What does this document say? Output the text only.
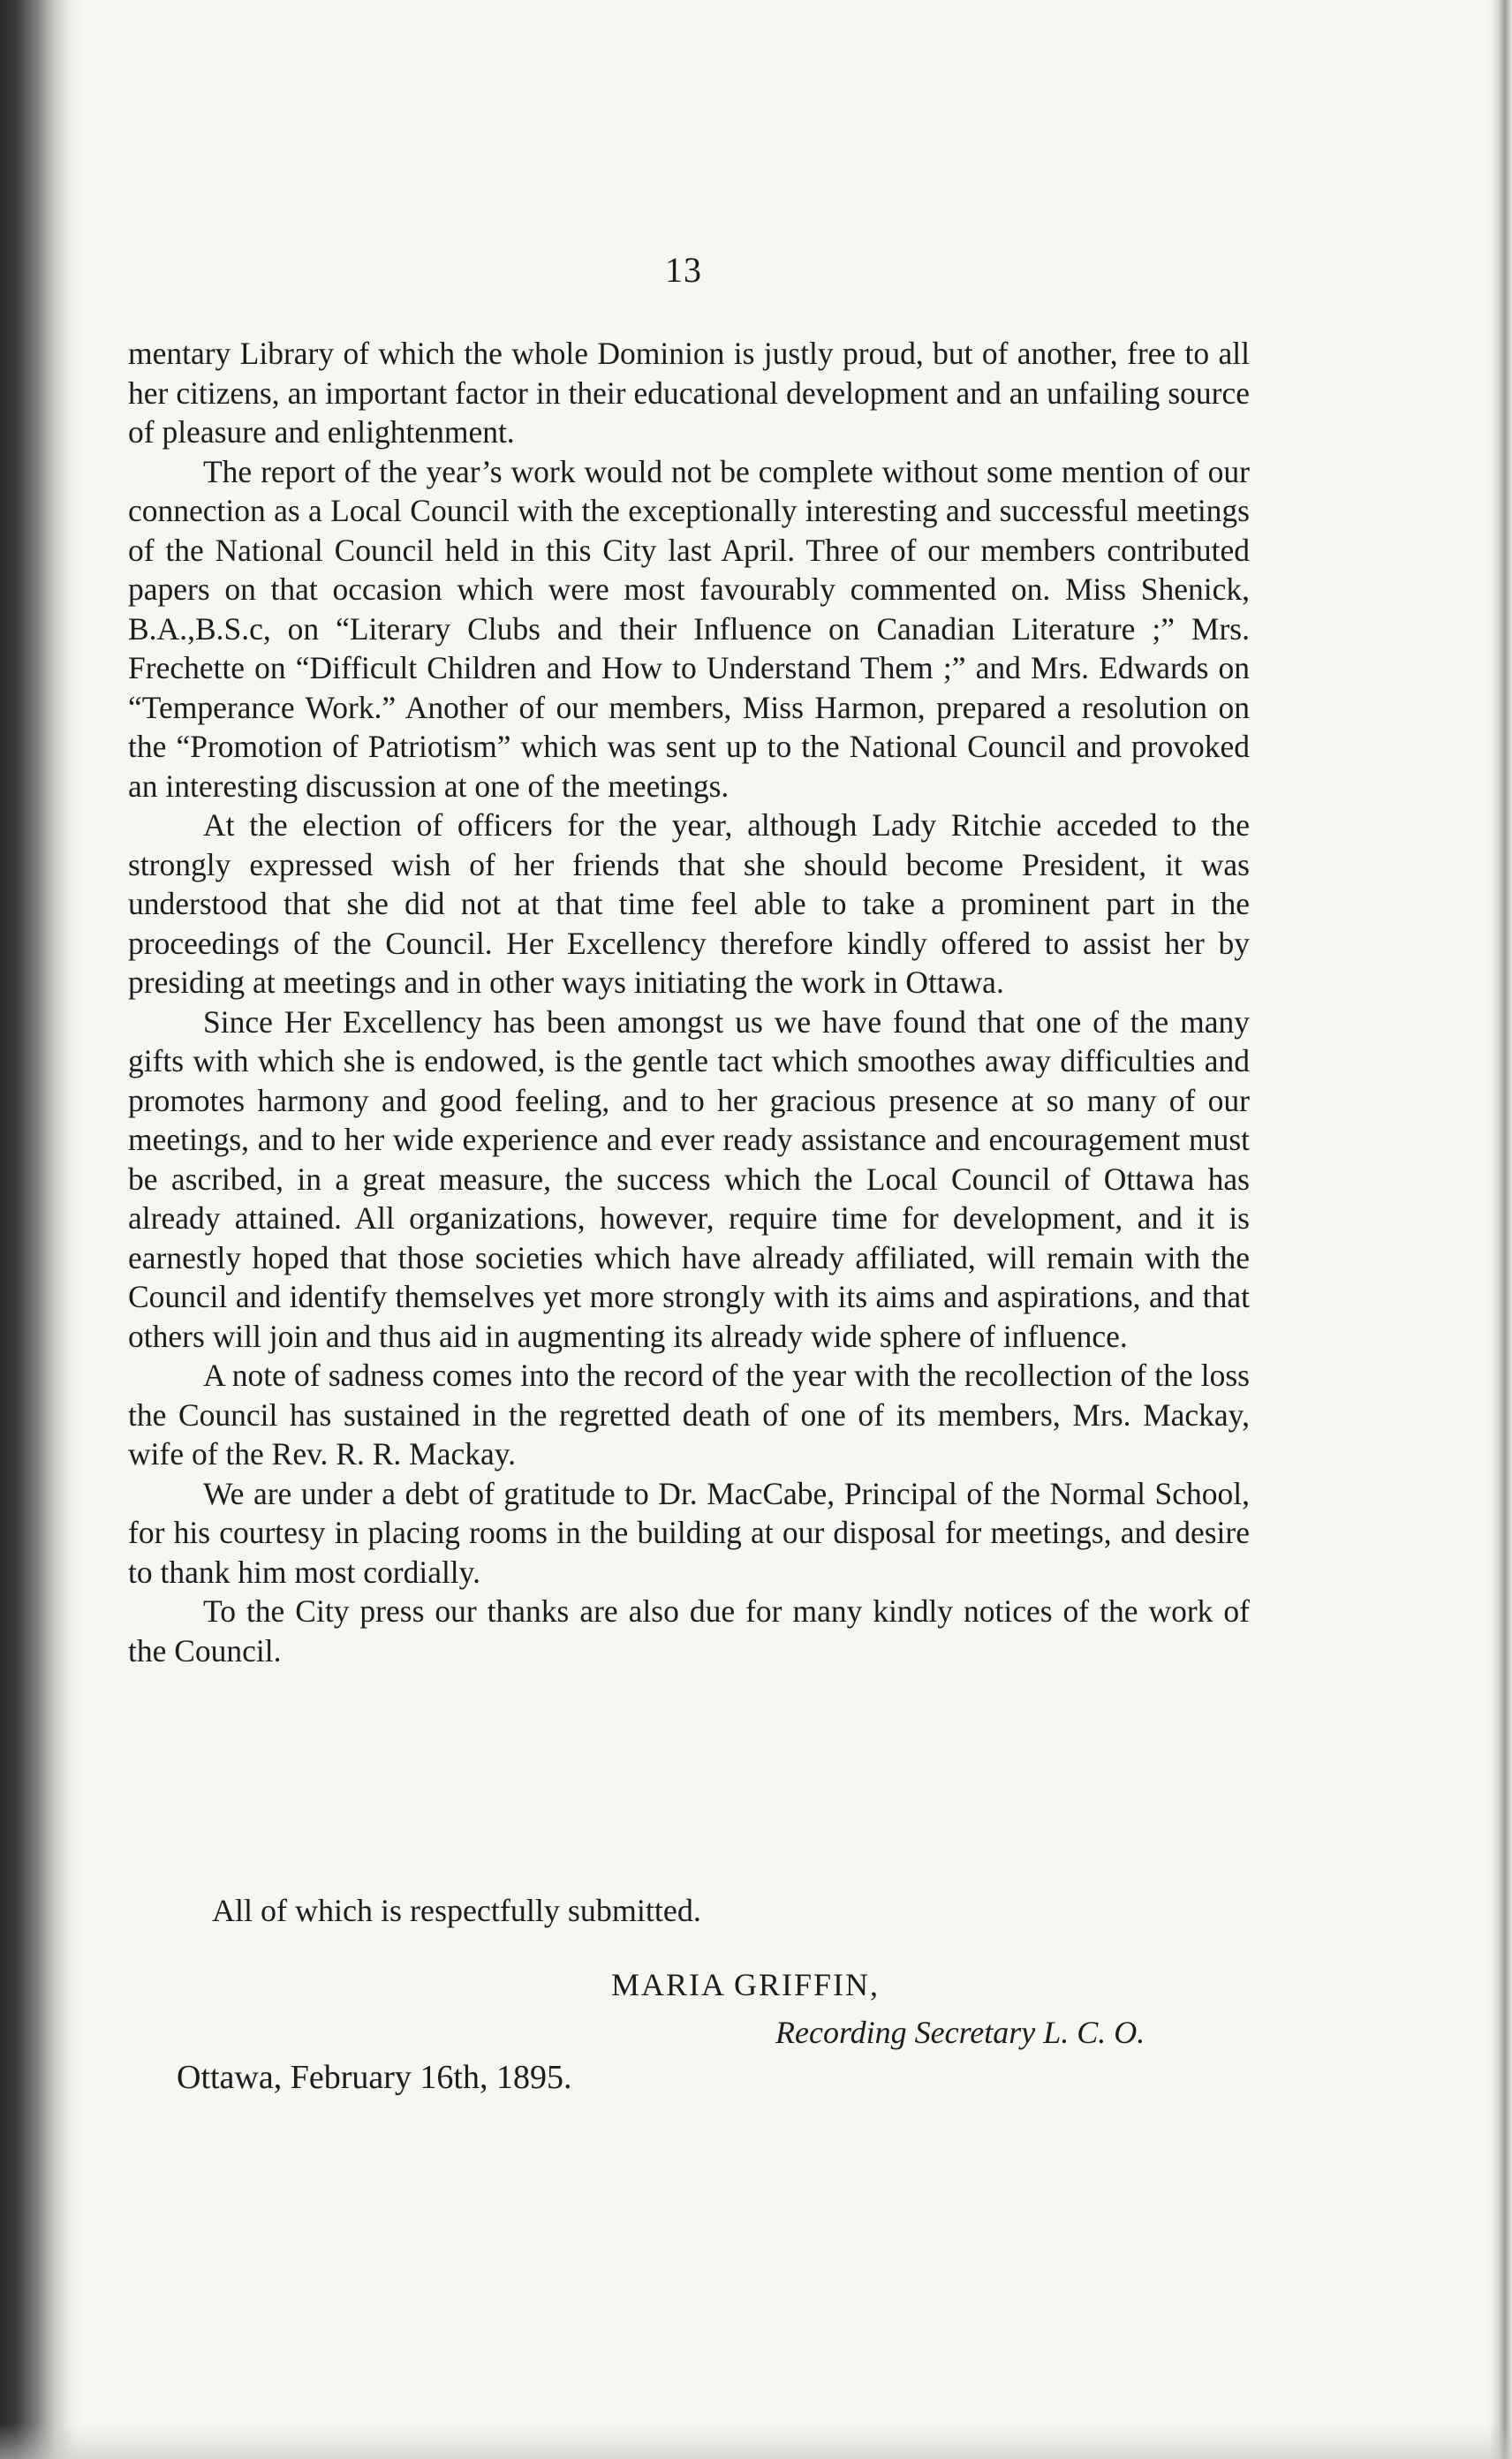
13

mentary Library of which the whole Dominion is justly proud, but of another, free to all her citizens, an important factor in their educational development and an unfailing source of pleasure and enlightenment.

The report of the year’s work would not be complete without some mention of our connection as a Local Council with the exceptionally interesting and successful meetings of the National Council held in this City last April. Three of our members contributed papers on that occasion which were most favourably commented on. Miss Shenick, B.A.,B.S.c, on “Literary Clubs and their Influence on Canadian Literature ;” Mrs. Frechette on “Difficult Children and How to Understand Them ;” and Mrs. Edwards on “Temperance Work.” Another of our members, Miss Harmon, prepared a resolution on the “Promotion of Patriotism” which was sent up to the National Council and provoked an interesting discussion at one of the meetings.

At the election of officers for the year, although Lady Ritchie acceded to the strongly expressed wish of her friends that she should become President, it was understood that she did not at that time feel able to take a prominent part in the proceedings of the Council. Her Excellency therefore kindly offered to assist her by presiding at meetings and in other ways initiating the work in Ottawa.

Since Her Excellency has been amongst us we have found that one of the many gifts with which she is endowed, is the gentle tact which smoothes away difficulties and promotes harmony and good feeling, and to her gracious presence at so many of our meetings, and to her wide experience and ever ready assistance and encouragement must be ascribed, in a great measure, the success which the Local Council of Ottawa has already attained. All organizations, however, require time for development, and it is earnestly hoped that those societies which have already affiliated, will remain with the Council and identify themselves yet more strongly with its aims and aspirations, and that others will join and thus aid in augmenting its already wide sphere of influence.

A note of sadness comes into the record of the year with the recollection of the loss the Council has sustained in the regretted death of one of its members, Mrs. Mackay, wife of the Rev. R. R. Mackay.

We are under a debt of gratitude to Dr. MacCabe, Principal of the Normal School, for his courtesy in placing rooms in the building at our disposal for meetings, and desire to thank him most cordially.

To the City press our thanks are also due for many kindly notices of the work of the Council.

All of which is respectfully submitted.
MARIA GRIFFIN,
Recording Secretary L. C. O.
Ottawa, February 16th, 1895.
